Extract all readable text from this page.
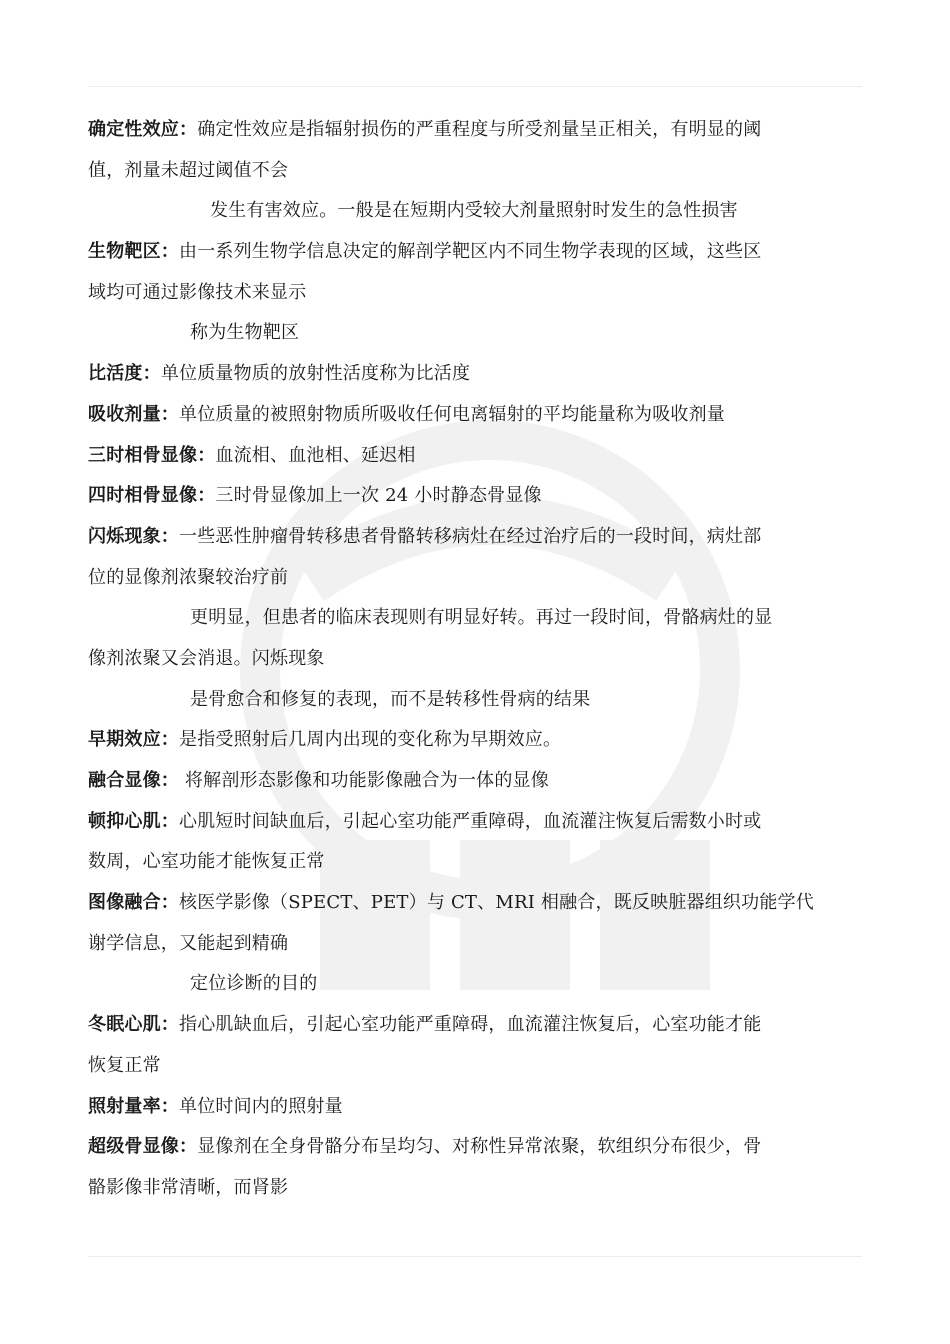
确定性效应：确定性效应是指辐射损伤的严重程度与所受剂量呈正相关，有明显的阈
值，剂量未超过阈值不会
发生有害效应。一般是在短期内受较大剂量照射时发生的急性损害
生物靶区：由一系列生物学信息决定的解剖学靶区内不同生物学表现的区域，这些区
域均可通过影像技术来显示
称为生物靶区
比活度：单位质量物质的放射性活度称为比活度
吸收剂量：单位质量的被照射物质所吸收任何电离辐射的平均能量称为吸收剂量
三时相骨显像：血流相、血池相、延迟相
四时相骨显像：三时骨显像加上一次 24 小时静态骨显像
闪烁现象：一些恶性肿瘤骨转移患者骨骼转移病灶在经过治疗后的一段时间，病灶部
位的显像剂浓聚较治疗前
更明显，但患者的临床表现则有明显好转。再过一段时间，骨骼病灶的显
像剂浓聚又会消退。闪烁现象
是骨愈合和修复的表现，而不是转移性骨病的结果
早期效应：是指受照射后几周内出现的变化称为早期效应。
融合显像： 将解剖形态影像和功能影像融合为一体的显像
顿抑心肌：心肌短时间缺血后，引起心室功能严重障碍，血流灌注恢复后需数小时或
数周，心室功能才能恢复正常
图像融合：核医学影像（SPECT、PET）与 CT、MRI 相融合，既反映脏器组织功能学代
谢学信息，又能起到精确
定位诊断的目的
冬眠心肌：指心肌缺血后，引起心室功能严重障碍，血流灌注恢复后，心室功能才能
恢复正常
照射量率：单位时间内的照射量
超级骨显像：显像剂在全身骨骼分布呈均匀、对称性异常浓聚，软组织分布很少，骨
骼影像非常清晰，而肾影
